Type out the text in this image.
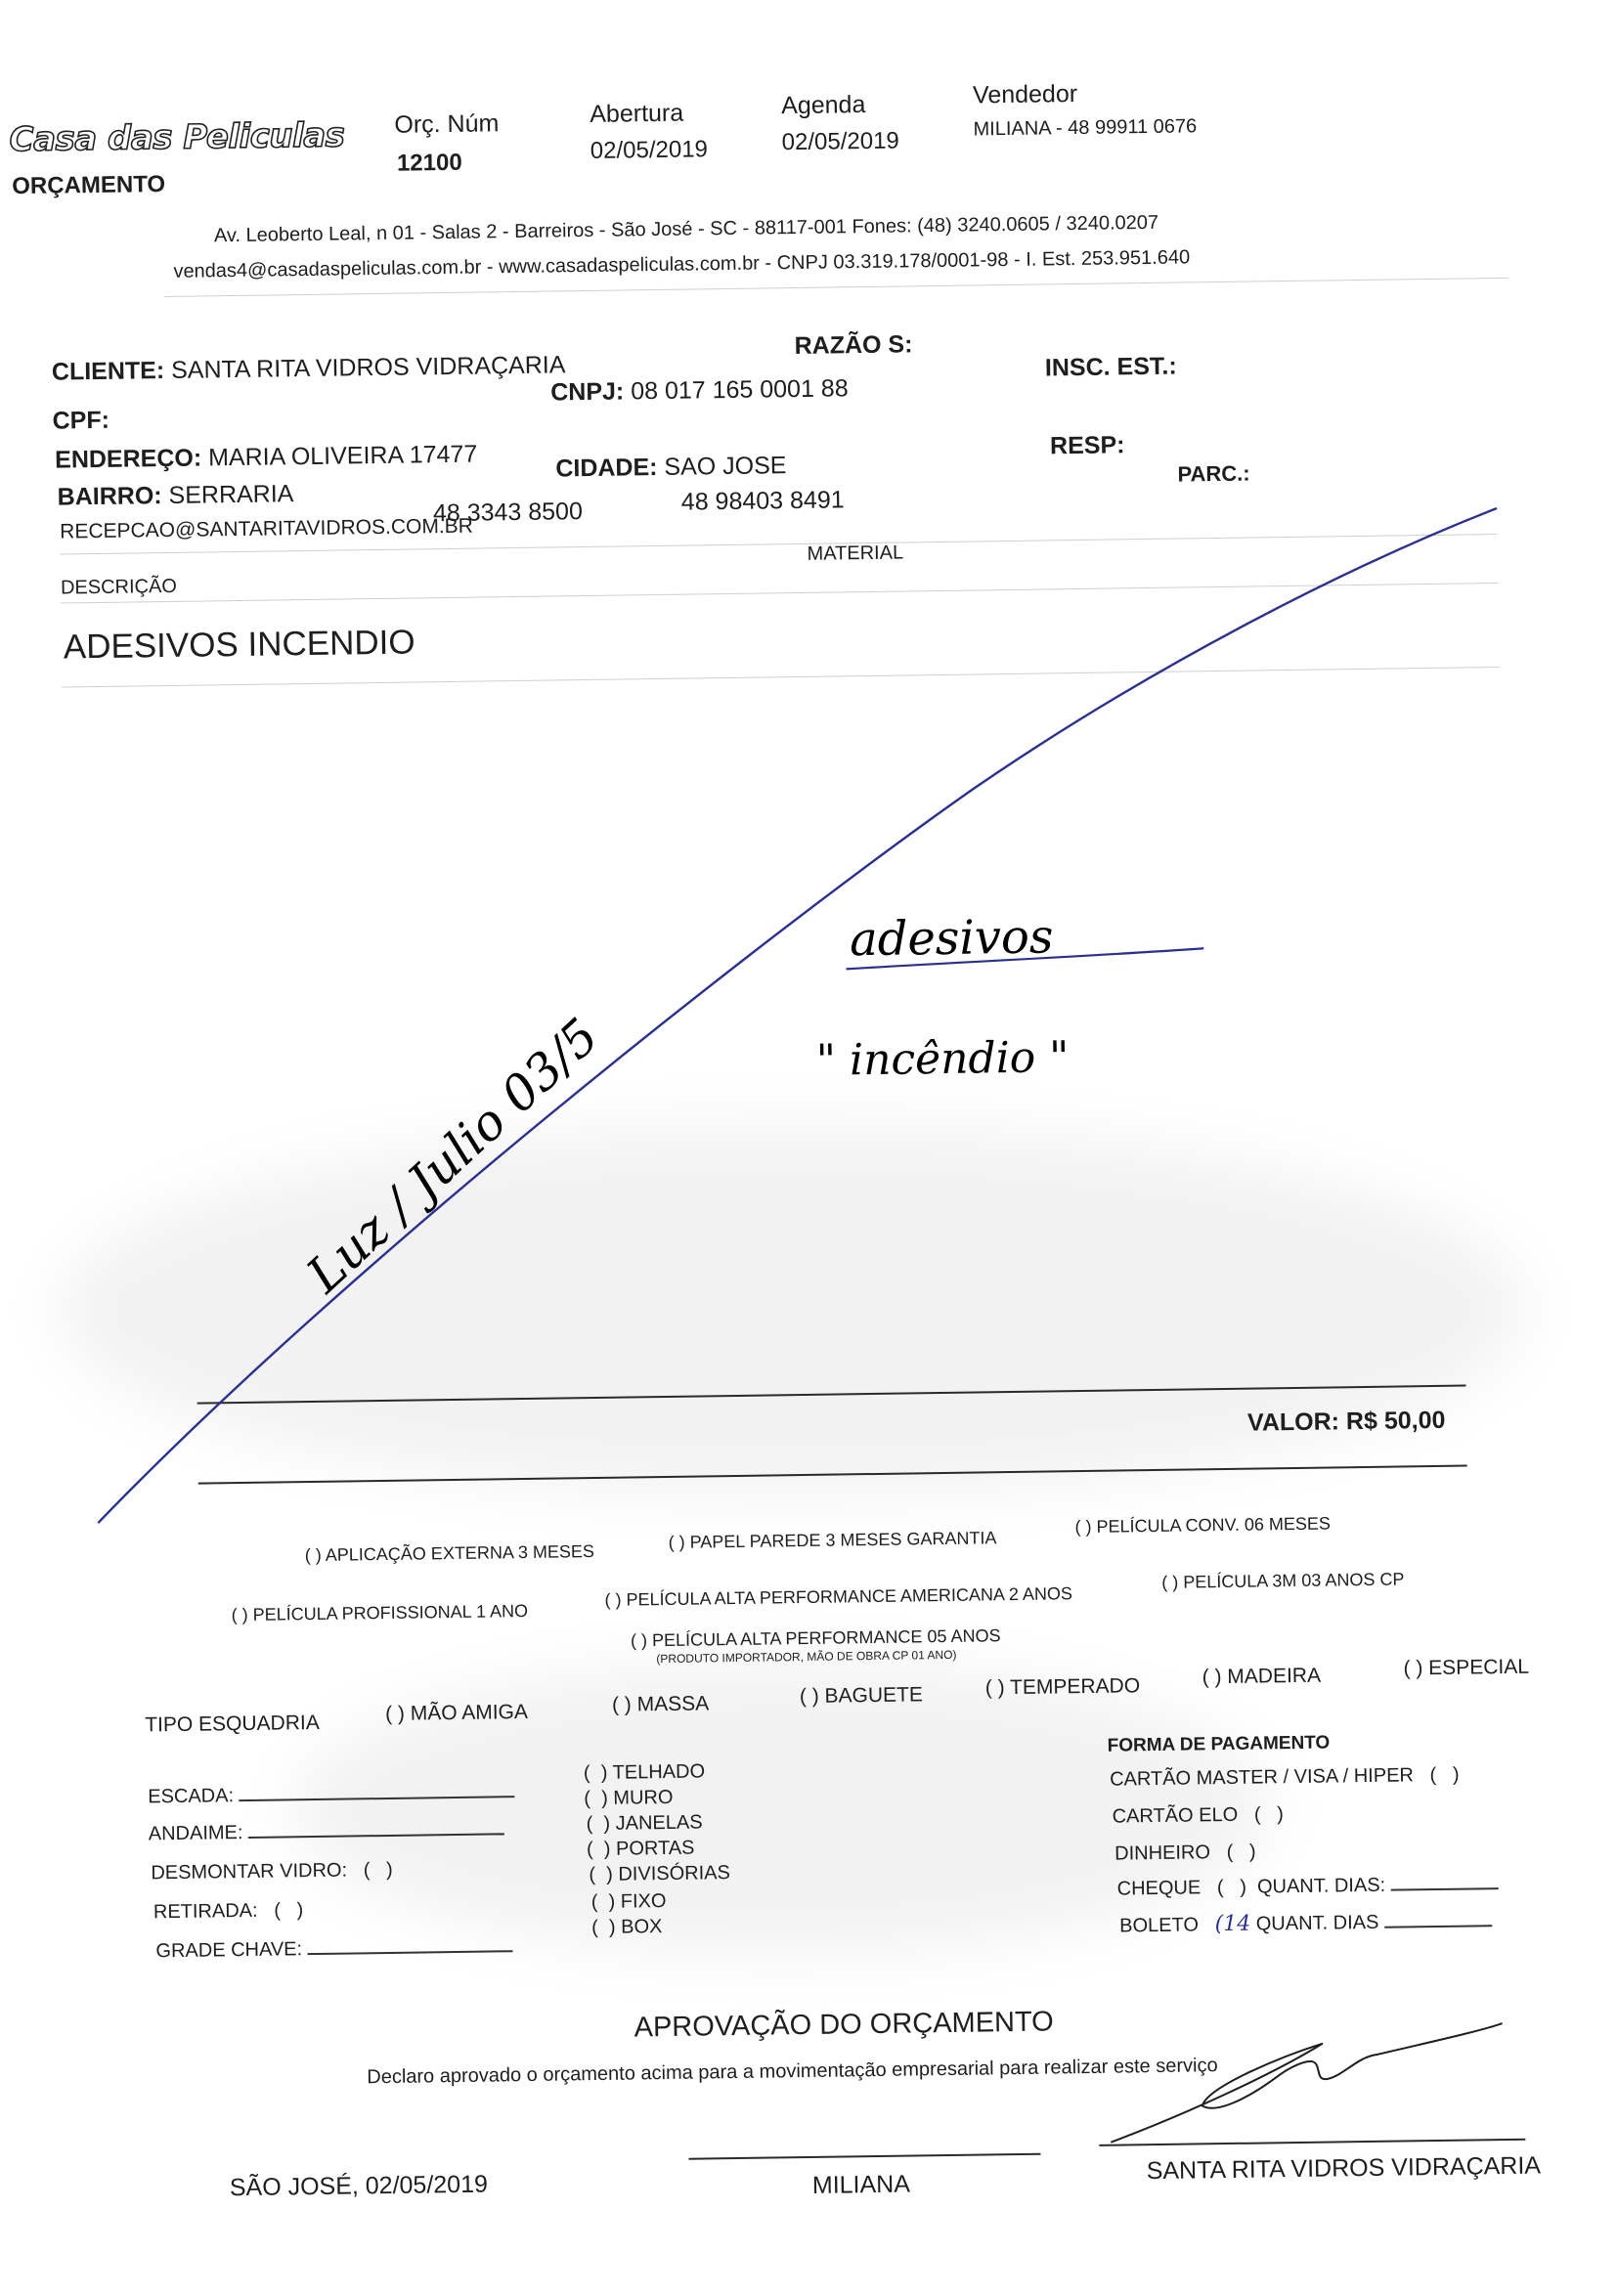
Casa das Peliculas
ORÇAMENTO
Orç. Núm
12100
Abertura
02/05/2019
Agenda
02/05/2019
Vendedor
MILIANA - 48 99911 0676
Av. Leoberto Leal, n 01 - Salas 2 - Barreiros - São José - SC - 88117-001 Fones: (48) 3240.0605 / 3240.0207
vendas4@casadaspeliculas.com.br - www.casadaspeliculas.com.br - CNPJ 03.319.178/0001-98 - I. Est. 253.951.640
CLIENTE: SANTA RITA VIDROS VIDRAÇARIA
RAZÃO S:
CPF:
CNPJ: 08 017 165 0001 88
INSC. EST.:
ENDEREÇO: MARIA OLIVEIRA 17477	RESP:
BAIRRO: SERRARIA
CIDADE: SAO JOSE	PARC.:
RECEPCAO@SANTARITAVIDROS.COM.BR
48 3343 8500	48 98403 8491
DESCRIÇÃO
MATERIAL
ADESIVOS INCENDIO
VALOR: R$ 50,00
( ) APLICAÇÃO EXTERNA 3 MESES
( ) PAPEL PAREDE 3 MESES GARANTIA
( ) PELÍCULA CONV. 06 MESES
( ) PELÍCULA PROFISSIONAL 1 ANO
( ) PELÍCULA ALTA PERFORMANCE AMERICANA 2 ANOS
( ) PELÍCULA 3M 03 ANOS CP
( ) PELÍCULA ALTA PERFORMANCE 05 ANOS
(PRODUTO IMPORTADOR, MÃO DE OBRA CP 01 ANO)
TIPO ESQUADRIA	( ) MÃO AMIGA	( ) MASSA	( ) BAGUETE	( ) TEMPERADO	( ) MADEIRA	( ) ESPECIAL
ESCADA:
ANDAIME:
DESMONTAR VIDRO:   (   )
RETIRADA:   (   )
GRADE CHAVE:
(  ) TELHADO
(  ) MURO
(  ) JANELAS
(  ) PORTAS
(  ) DIVISÓRIAS
(  ) FIXO
(  ) BOX
FORMA DE PAGAMENTO
CARTÃO MASTER / VISA / HIPER   (   )
CARTÃO ELO   (   )
DINHEIRO   (   )
CHEQUE   (   )  QUANT. DIAS:
BOLETO (14 QUANT. DIAS
APROVAÇÃO DO ORÇAMENTO
Declaro aprovado o orçamento acima para a movimentação empresarial para realizar este serviço
SÃO JOSÉ, 02/05/2019	MILIANA
SANTA RITA VIDROS VIDRAÇARIA
adesivos
" incêndio "
Luz / Julio 03/5
